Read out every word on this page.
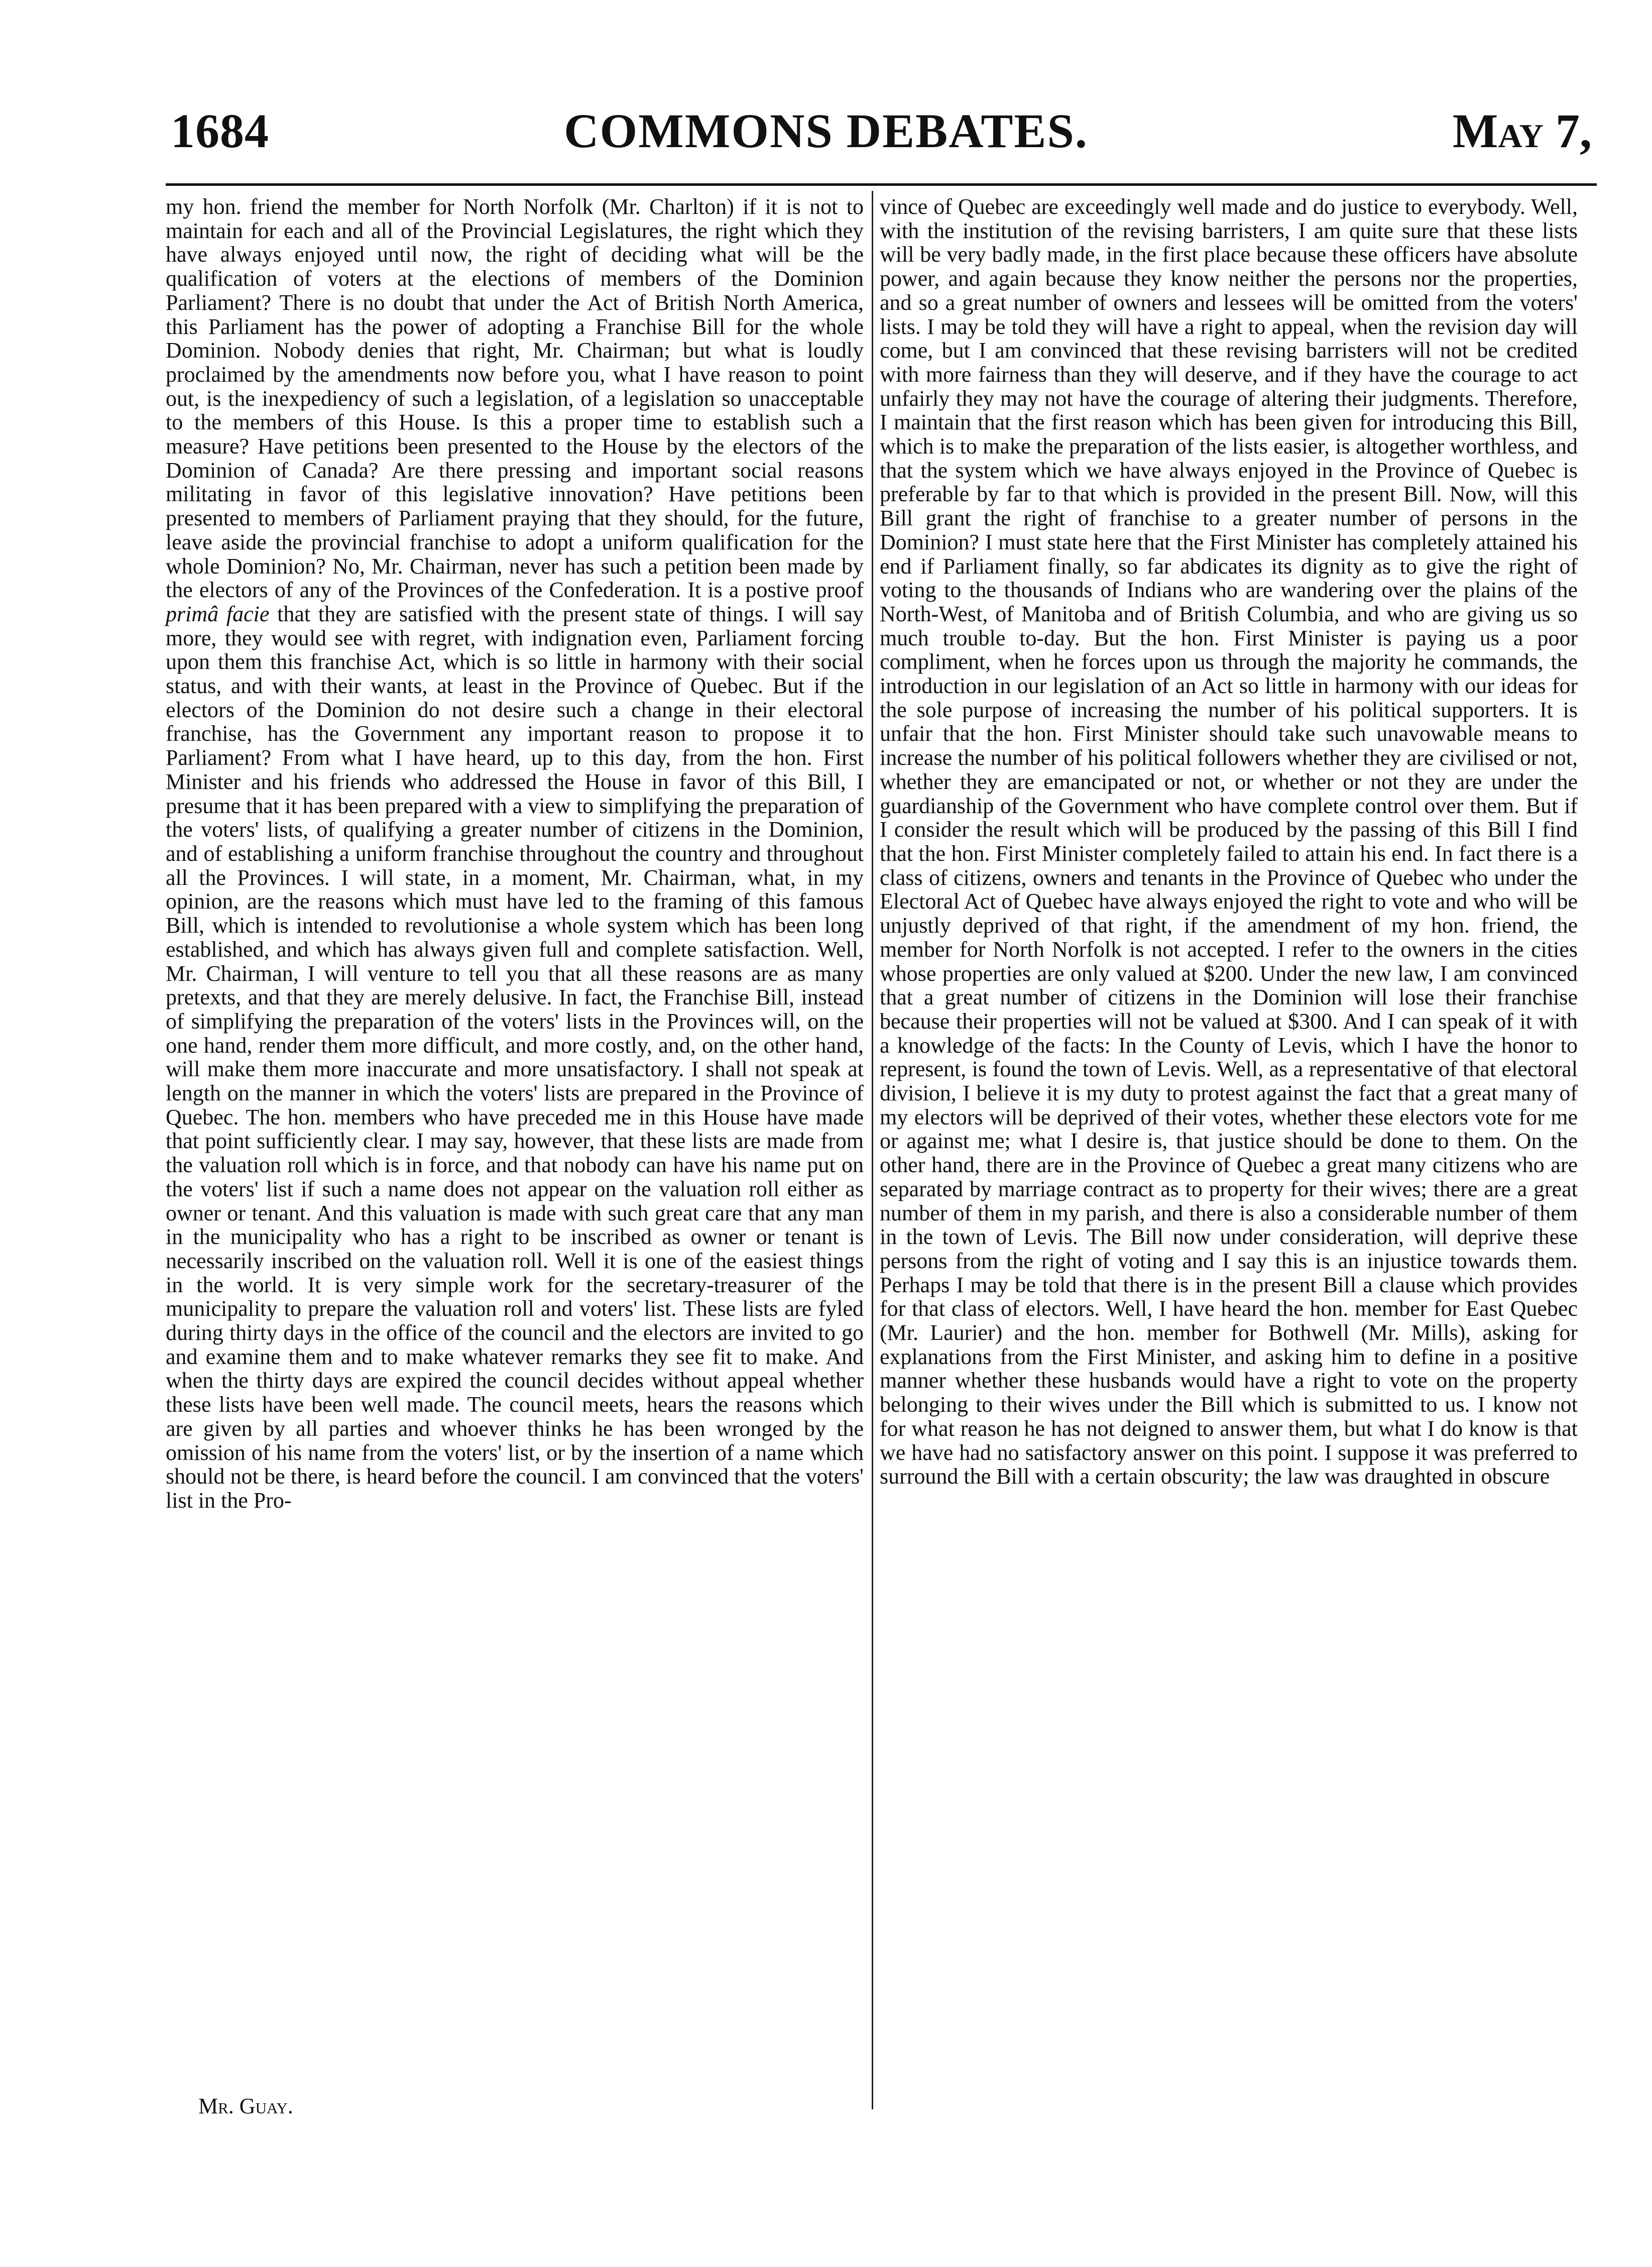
1684	COMMONS DEBATES.	May 7,

my hon. friend the member for North Norfolk (Mr. Charlton) if it is not to maintain for each and all of the Provincial Legislatures, the right which they have always enjoyed until now, the right of deciding what will be the qualification of voters at the elections of members of the Dominion Parliament? There is no doubt that under the Act of British North America, this Parliament has the power of adopting a Franchise Bill for the whole Dominion. Nobody denies that right, Mr. Chairman; but what is loudly proclaimed by the amendments now before you, what I have reason to point out, is the inexpediency of such a legislation, of a legislation so unacceptable to the members of this House. Is this a proper time to establish such a measure? Have petitions been presented to the House by the electors of the Dominion of Canada? Are there pressing and important social reasons militating in favor of this legislative innovation? Have petitions been presented to members of Parliament praying that they should, for the future, leave aside the provincial franchise to adopt a uniform qualification for the whole Dominion? No, Mr. Chairman, never has such a petition been made by the electors of any of the Provinces of the Confederation. It is a postive proof primâ facie that they are satisfied with the present state of things. I will say more, they would see with regret, with indignation even, Parliament forcing upon them this franchise Act, which is so little in harmony with their social status, and with their wants, at least in the Province of Quebec. But if the electors of the Dominion do not desire such a change in their electoral franchise, has the Government any important reason to propose it to Parliament? From what I have heard, up to this day, from the hon. First Minister and his friends who addressed the House in favor of this Bill, I presume that it has been prepared with a view to simplifying the preparation of the voters' lists, of qualifying a greater number of citizens in the Dominion, and of establishing a uniform franchise throughout the country and throughout all the Provinces. I will state, in a moment, Mr. Chairman, what, in my opinion, are the reasons which must have led to the framing of this famous Bill, which is intended to revolutionise a whole system which has been long established, and which has always given full and complete satisfaction. Well, Mr. Chairman, I will venture to tell you that all these reasons are as many pretexts, and that they are merely delusive. In fact, the Franchise Bill, instead of simplifying the preparation of the voters' lists in the Provinces will, on the one hand, render them more difficult, and more costly, and, on the other hand, will make them more inaccurate and more unsatisfactory. I shall not speak at length on the manner in which the voters' lists are prepared in the Province of Quebec. The hon. members who have preceded me in this House have made that point sufficiently clear. I may say, however, that these lists are made from the valuation roll which is in force, and that nobody can have his name put on the voters' list if such a name does not appear on the valuation roll either as owner or tenant. And this valuation is made with such great care that any man in the municipality who has a right to be inscribed as owner or tenant is necessarily inscribed on the valuation roll. Well it is one of the easiest things in the world. It is very simple work for the secretary-treasurer of the municipality to prepare the valuation roll and voters' list. These lists are fyled during thirty days in the office of the council and the electors are invited to go and examine them and to make whatever remarks they see fit to make. And when the thirty days are expired the council decides without appeal whether these lists have been well made. The council meets, hears the reasons which are given by all parties and whoever thinks he has been wronged by the omission of his name from the voters' list, or by the insertion of a name which should not be there, is heard before the council. I am convinced that the voters' list in the Pro-

vince of Quebec are exceedingly well made and do justice to everybody. Well, with the institution of the revising barristers, I am quite sure that these lists will be very badly made, in the first place because these officers have absolute power, and again because they know neither the persons nor the properties, and so a great number of owners and lessees will be omitted from the voters' lists. I may be told they will have a right to appeal, when the revision day will come, but I am convinced that these revising barristers will not be credited with more fairness than they will deserve, and if they have the courage to act unfairly they may not have the courage of altering their judgments. Therefore, I maintain that the first reason which has been given for introducing this Bill, which is to make the preparation of the lists easier, is altogether worthless, and that the system which we have always enjoyed in the Province of Quebec is preferable by far to that which is provided in the present Bill. Now, will this Bill grant the right of franchise to a greater number of persons in the Dominion? I must state here that the First Minister has completely attained his end if Parliament finally, so far abdicates its dignity as to give the right of voting to the thousands of Indians who are wandering over the plains of the North-West, of Manitoba and of British Columbia, and who are giving us so much trouble to-day. But the hon. First Minister is paying us a poor compliment, when he forces upon us through the majority he commands, the introduction in our legislation of an Act so little in harmony with our ideas for the sole purpose of increasing the number of his political supporters. It is unfair that the hon. First Minister should take such unavowable means to increase the number of his political followers whether they are civilised or not, whether they are emancipated or not, or whether or not they are under the guardianship of the Government who have complete control over them. But if I consider the result which will be produced by the passing of this Bill I find that the hon. First Minister completely failed to attain his end. In fact there is a class of citizens, owners and tenants in the Province of Quebec who under the Electoral Act of Quebec have always enjoyed the right to vote and who will be unjustly deprived of that right, if the amendment of my hon. friend, the member for North Norfolk is not accepted. I refer to the owners in the cities whose properties are only valued at $200. Under the new law, I am convinced that a great number of citizens in the Dominion will lose their franchise because their properties will not be valued at $300. And I can speak of it with a knowledge of the facts: In the County of Levis, which I have the honor to represent, is found the town of Levis. Well, as a representative of that electoral division, I believe it is my duty to protest against the fact that a great many of my electors will be deprived of their votes, whether these electors vote for me or against me; what I desire is, that justice should be done to them. On the other hand, there are in the Province of Quebec a great many citizens who are separated by marriage contract as to property for their wives; there are a great number of them in my parish, and there is also a considerable number of them in the town of Levis. The Bill now under consideration, will deprive these persons from the right of voting and I say this is an injustice towards them. Perhaps I may be told that there is in the present Bill a clause which provides for that class of electors. Well, I have heard the hon. member for East Quebec (Mr. Laurier) and the hon. member for Bothwell (Mr. Mills), asking for explanations from the First Minister, and asking him to define in a positive manner whether these husbands would have a right to vote on the property belonging to their wives under the Bill which is submitted to us. I know not for what reason he has not deigned to answer them, but what I do know is that we have had no satisfactory answer on this point. I suppose it was preferred to surround the Bill with a certain obscurity; the law was draughted in obscure

Mr. Guay.
